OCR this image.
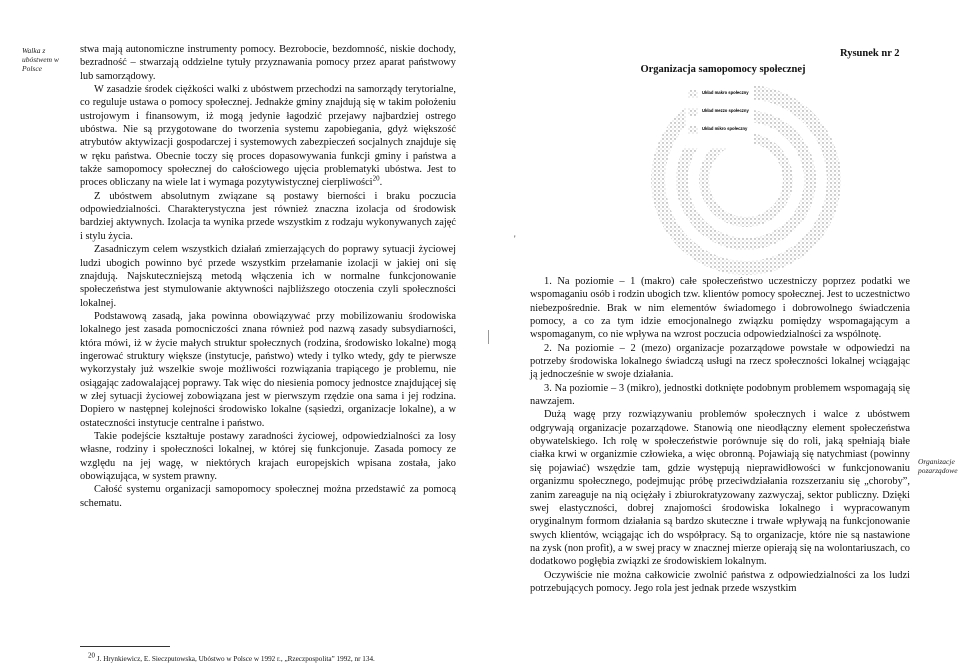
Walka z ubóstwem w Polsce

stwa mają autonomiczne instrumenty pomocy. Bezrobocie, bezdomność, niskie dochody, bezradność – stwarzają oddzielne tytuły przyznawania pomocy przez aparat państwowy lub samorządowy.

W zasadzie środek ciężkości walki z ubóstwem przechodzi na samorządy terytorialne, co reguluje ustawa o pomocy społecznej. Jednakże gminy znajdują się w takim położeniu ustrojowym i finansowym, iż mogą jedynie łagodzić przejawy najbardziej ostrego ubóstwa. Nie są przygotowane do tworzenia systemu zapobiegania, gdyż większość atrybutów aktywizacji gospodarczej i systemowych zabezpieczeń socjalnych znajduje się w ręku państwa. Obecnie toczy się proces dopasowywania funkcji gminy i państwa a także samopomocy społecznej do całościowego ujęcia problematyki ubóstwa. Jest to proces obliczany na wiele lat i wymaga pozytywistycznej cierpliwości$^{20}$.

Z ubóstwem absolutnym związane są postawy bierności i braku poczucia odpowiedzialności. Charakterystyczna jest również znaczna izolacja od środowisk bardziej aktywnych. Izolacja ta wynika przede wszystkim z rodzaju wykonywanych zajęć i stylu życia.

Zasadniczym celem wszystkich działań zmierzających do poprawy sytuacji życiowej ludzi ubogich powinno być przede wszystkim przełamanie izolacji w jakiej oni się znajdują. Najskuteczniejszą metodą włączenia ich w normalne funkcjonowanie społeczeństwa jest stymulowanie aktywności najbliższego otoczenia czyli społeczności lokalnej.

Podstawową zasadą, jaka powinna obowiązywać przy mobilizowaniu środowiska lokalnego jest zasada pomocniczości znana również pod nazwą zasady subsydiarności, która mówi, iż w życie małych struktur społecznych (rodzina, środowisko lokalne) mogą ingerować struktury większe (instytucje, państwo) wtedy i tylko wtedy, gdy te pierwsze wykorzystały już wszelkie swoje możliwości rozwiązania trapiącego je problemu, nie osiągając zadowalającej poprawy. Tak więc do niesienia pomocy jednostce znajdującej się w złej sytuacji życiowej zobowiązana jest w pierwszym rzędzie ona sama i jej rodzina. Dopiero w następnej kolejności środowisko lokalne (sąsiedzi, organizacje lokalne), a w ostateczności instytucje centralne i państwo.

Takie podejście kształtuje postawy zaradności życiowej, odpowiedzialności za losy własne, rodziny i społeczności lokalnej, w której się funkcjonuje. Zasada pomocy ze względu na jej wagę, w niektórych krajach europejskich wpisana została, jako obowiązująca, w system prawny.

Całość systemu organizacji samopomocy społecznej można przedstawić za pomocą schematu.

$^{20}$ J. Hrynkiewicz, E. Sieczputowska, Ubóstwo w Polsce w 1992 r., „Rzeczpospolita” 1992, nr 134.
'
Rysunek nr 2
Organizacja samopomocy społecznej
Układ makro społeczny
Układ mezzo społeczny
Układ mikro społeczny

1. Na poziomie – 1 (makro) całe społeczeństwo uczestniczy poprzez podatki we wspomaganiu osób i rodzin ubogich tzw. klientów pomocy społecznej. Jest to uczestnictwo niebezpośrednie. Brak w nim elementów świadomego i dobrowolnego świadczenia pomocy, a co za tym idzie emocjonalnego związku pomiędzy wspomagającym a wspomaganym, co nie wpływa na wzrost poczucia odpowiedzialności za wspólnotę.

2. Na poziomie – 2 (mezo) organizacje pozarządowe powstałe w odpowiedzi na potrzeby środowiska lokalnego świadczą usługi na rzecz społeczności lokalnej wciągając ją jednocześnie w swoje działania.

3. Na poziomie – 3 (mikro), jednostki dotknięte podobnym problemem wspomagają się nawzajem.

Dużą wagę przy rozwiązywaniu problemów społecznych i walce z ubóstwem odgrywają organizacje pozarządowe. Stanowią one nieodłączny element społeczeństwa obywatelskiego. Ich rolę w społeczeństwie porównuje się do roli, jaką spełniają białe ciałka krwi w organizmie człowieka, a więc obronną. Pojawiają się natychmiast (powinny się pojawiać) wszędzie tam, gdzie występują nieprawidłowości w funkcjonowaniu organizmu społecznego, podejmując próbę przeciwdziałania rozszerzaniu się „choroby”, zanim zareaguje na nią ociężały i zbiurokratyzowany zazwyczaj, sektor publiczny. Dzięki swej elastyczności, dobrej znajomości środowiska lokalnego i wypracowanym oryginalnym formom działania są bardzo skuteczne i trwałe wpływają na funkcjonowanie swych klientów, wciągając ich do współpracy. Są to organizacje, które nie są nastawione na zysk (non profit), a w swej pracy w znacznej mierze opierają się na wolontariuszach, co dodatkowo pogłębia związki ze środowiskiem lokalnym.

Oczywiście nie można całkowicie zwolnić państwa z odpowiedzialności za los ludzi potrzebujących pomocy. Jego rola jest jednak przede wszystkim

Organizacje pozarządowe
